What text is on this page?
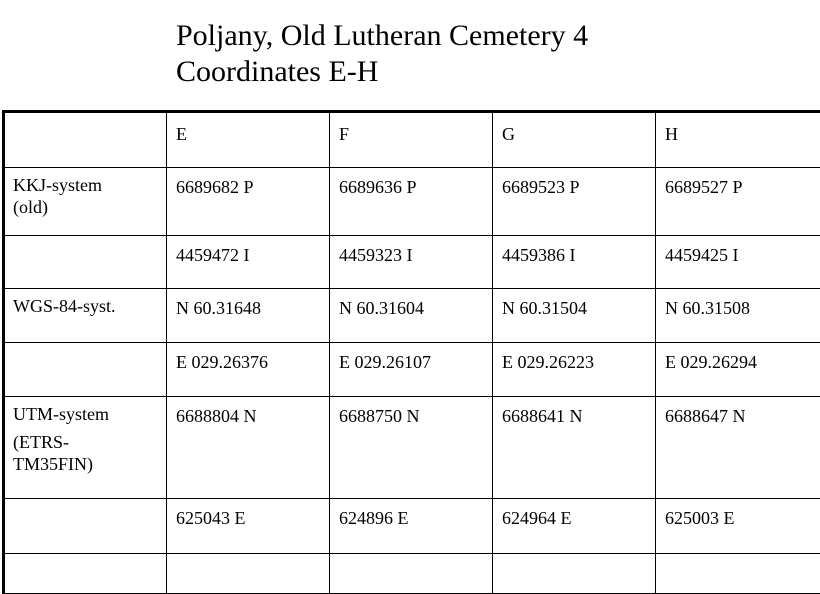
Poljany, Old Lutheran Cemetery 4
Coordinates E-H
	E	F	G	H

KKJ-system
(old)	6689682 P	6689636 P	6689523 P	6689527 P
	4459472 I	4459323 I	4459386 I	4459425 I

WGS-84-syst.	N 60.31648	N 60.31604	N 60.31504	N 60.31508
	E 029.26376	E 029.26107	E 029.26223	E 029.26294

UTM-system
(ETRS-
TM35FIN)	6688804 N	6688750 N	6688641 N	6688647 N
	625043 E	624896 E	624964 E	625003 E
